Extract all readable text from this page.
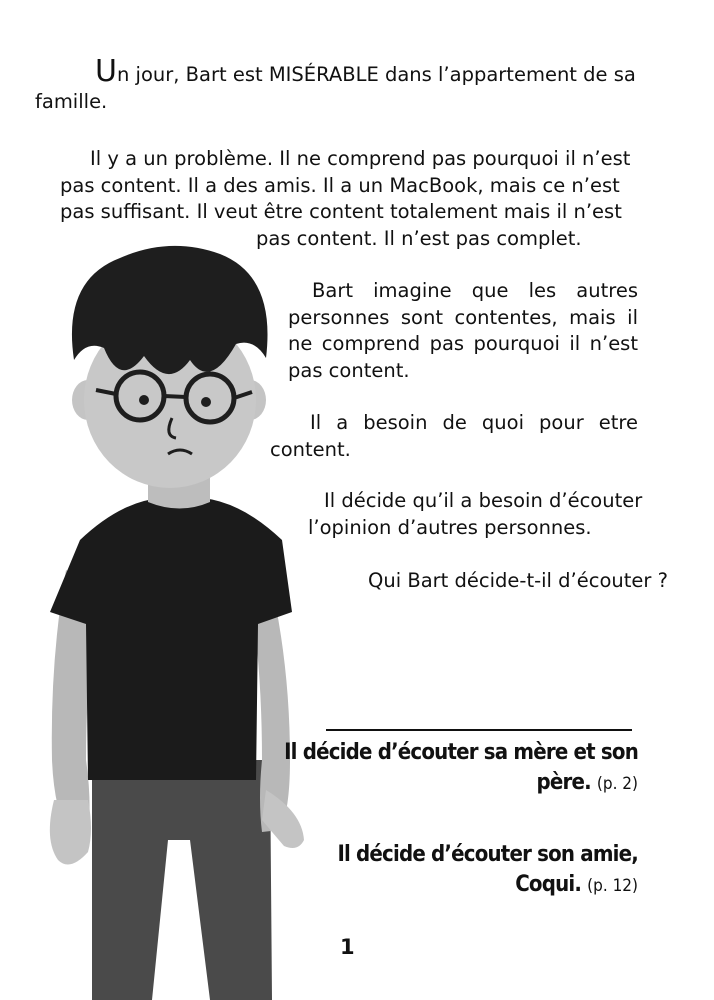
Un jour, Bart est MISÉRABLE dans l’appartement de sa
famille.

Il y a un problème. Il ne comprend pas pourquoi il n’est
pas content. Il a des amis. Il a un MacBook, mais ce n’est
pas suffisant. Il veut être content totalement mais il n’est
pas content. Il n’est pas complet.

Bart imagine que les autres
personnes sont contentes, mais il
ne comprend pas pourquoi il n’est
pas content.
Il a besoin de quoi pour etre
content.
Il décide qu’il a besoin d’écouter
l’opinion d’autres personnes.
Qui Bart décide-t-il d’écouter ?
Il décide d’écouter sa mère et son
père. (p. 2)
Il décide d’écouter son amie,
Coqui. (p. 12)
1
